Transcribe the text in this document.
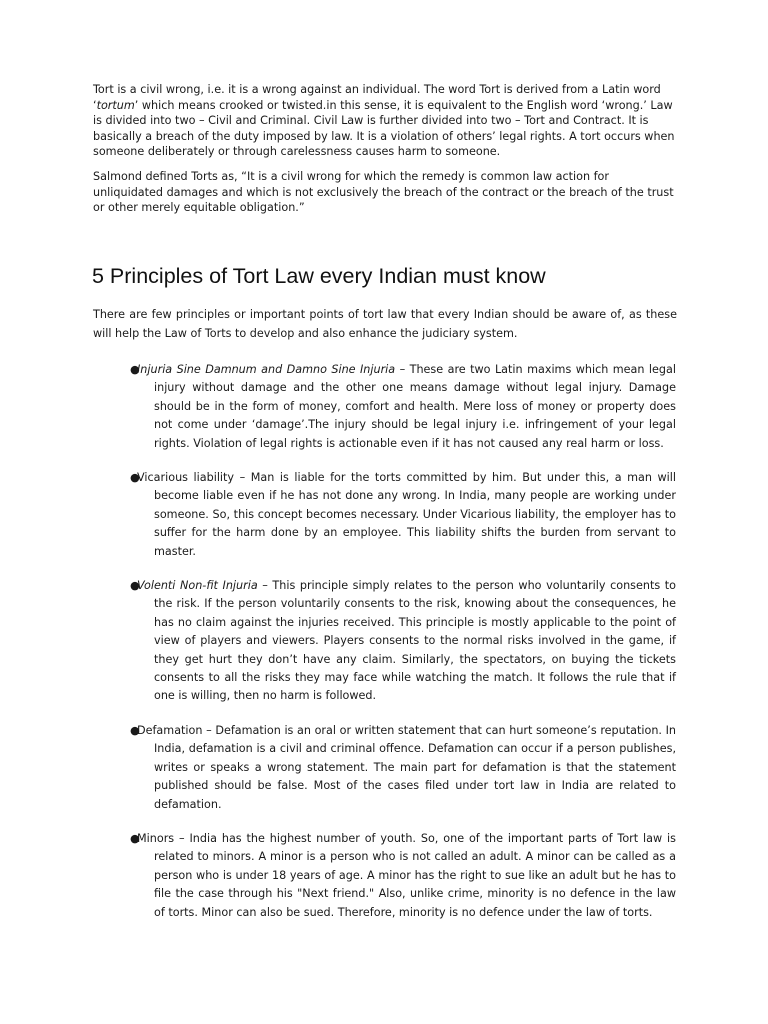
Tort is a civil wrong, i.e. it is a wrong against an individual. The word Tort is derived from a Latin word ‘tortum’ which means crooked or twisted.in this sense, it is equivalent to the English word ‘wrong.’ Law is divided into two – Civil and Criminal. Civil Law is further divided into two – Tort and Contract. It is basically a breach of the duty imposed by law. It is a violation of others’ legal rights. A tort occurs when someone deliberately or through carelessness causes harm to someone.

Salmond defined Torts as, “It is a civil wrong for which the remedy is common law action for unliquidated damages and which is not exclusively the breach of the contract or the breach of the trust or other merely equitable obligation.”

5 Principles of Tort Law every Indian must know

There are few principles or important points of tort law that every Indian should be aware of, as these will help the Law of Torts to develop and also enhance the judiciary system.

●Injuria Sine Damnum and Damno Sine Injuria – These are two Latin maxims which mean legal injury without damage and the other one means damage without legal injury. Damage should be in the form of money, comfort and health. Mere loss of money or property does not come under ‘damage’.The injury should be legal injury i.e. infringement of your legal rights. Violation of legal rights is actionable even if it has not caused any real harm or loss.

●Vicarious liability – Man is liable for the torts committed by him. But under this, a man will become liable even if he has not done any wrong. In India, many people are working under someone. So, this concept becomes necessary. Under Vicarious liability, the employer has to suffer for the harm done by an employee. This liability shifts the burden from servant to master.

●Volenti Non-fit Injuria – This principle simply relates to the person who voluntarily consents to the risk. If the person voluntarily consents to the risk, knowing about the consequences, he has no claim against the injuries received. This principle is mostly applicable to the point of view of players and viewers. Players consents to the normal risks involved in the game, if they get hurt they don’t have any claim. Similarly, the spectators, on buying the tickets consents to all the risks they may face while watching the match. It follows the rule that if one is willing, then no harm is followed.

●Defamation – Defamation is an oral or written statement that can hurt someone’s reputation. In India, defamation is a civil and criminal offence. Defamation can occur if a person publishes, writes or speaks a wrong statement. The main part for defamation is that the statement published should be false. Most of the cases filed under tort law in India are related to defamation.

●Minors – India has the highest number of youth. So, one of the important parts of Tort law is related to minors. A minor is a person who is not called an adult. A minor can be called as a person who is under 18 years of age. A minor has the right to sue like an adult but he has to file the case through his "Next friend." Also, unlike crime, minority is no defence in the law of torts. Minor can also be sued. Therefore, minority is no defence under the law of torts.
